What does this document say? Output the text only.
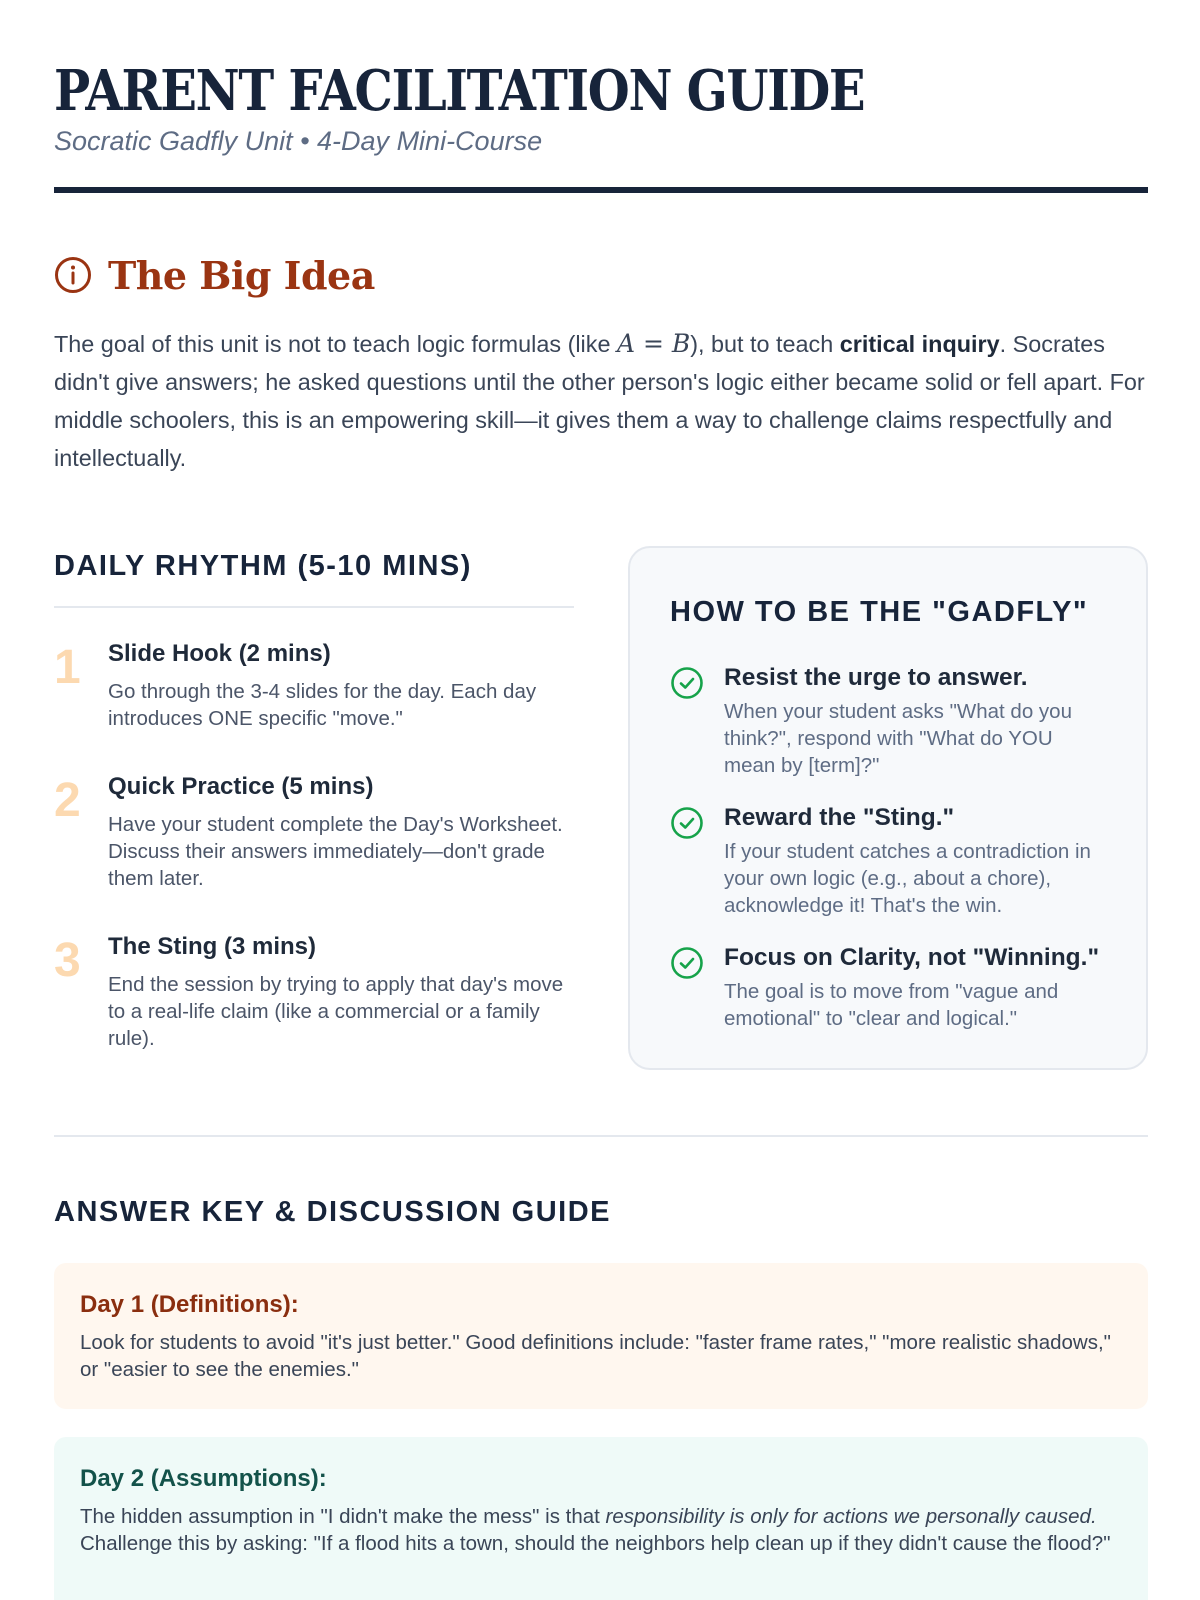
PARENT FACILITATION GUIDE
Socratic Gadfly Unit • 4-Day Mini-Course
The Big Idea

The goal of this unit is not to teach logic formulas (like A = B), but to teach critical inquiry. Socrates didn't give answers; he asked questions until the other person's logic either became solid or fell apart. For middle schoolers, this is an empowering skill—it gives them a way to challenge claims respectfully and intellectually.

DAILY RHYTHM (5-10 MINS)
1	Slide Hook (2 mins)
Go through the 3-4 slides for the day. Each day introduces ONE specific "move."
2	Quick Practice (5 mins)
Have your student complete the Day's Worksheet. Discuss their answers immediately—don't grade them later.
3	The Sting (3 mins)
End the session by trying to apply that day's move to a real-life claim (like a commercial or a family rule).
HOW TO BE THE "GADFLY"
Resist the urge to answer.
When your student asks "What do you think?", respond with "What do YOU mean by [term]?"
Reward the "Sting."
If your student catches a contradiction in your own logic (e.g., about a chore), acknowledge it! That's the win.
Focus on Clarity, not "Winning."
The goal is to move from "vague and emotional" to "clear and logical."
ANSWER KEY & DISCUSSION GUIDE
Day 1 (Definitions):
Look for students to avoid "it's just better." Good definitions include: "faster frame rates," "more realistic shadows," or "easier to see the enemies."
Day 2 (Assumptions):
The hidden assumption in "I didn't make the mess" is that responsibility is only for actions we personally caused. Challenge this by asking: "If a flood hits a town, should the neighbors help clean up if they didn't cause the flood?"
